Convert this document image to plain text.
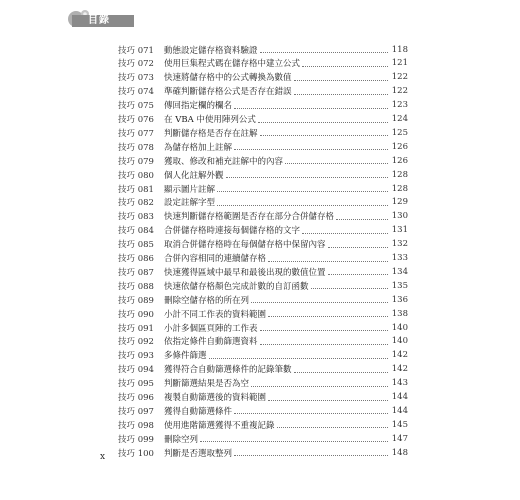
目錄
技巧 071	動態設定儲存格資料驗證	118
技巧 072	使用巨集程式碼在儲存格中建立公式	121
技巧 073	快速將儲存格中的公式轉換為數值	122
技巧 074	準確判斷儲存格公式是否存在錯誤	122
技巧 075	傳回指定欄的欄名	123
技巧 076	在 VBA 中使用陣列公式	124
技巧 077	判斷儲存格是否存在註解	125
技巧 078	為儲存格加上註解	126
技巧 079	獲取、修改和補充註解中的內容	126
技巧 080	個人化註解外觀	128
技巧 081	顯示圖片註解	128
技巧 082	設定註解字型	129
技巧 083	快速判斷儲存格範圍是否存在部分合併儲存格	130
技巧 084	合併儲存格時連接每個儲存格的文字	131
技巧 085	取消合併儲存格時在每個儲存格中保留內容	132
技巧 086	合併內容相同的連續儲存格	133
技巧 087	快速獲得區域中最早和最後出現的數值位置	134
技巧 088	快速依儲存格顏色完成計數的自訂函數	135
技巧 089	刪除空儲存格的所在列	136
技巧 090	小計不同工作表的資料範圍	138
技巧 091	小計多個區頁陣的工作表	140
技巧 092	依指定條件自動篩選資料	140
技巧 093	多條件篩選	142
技巧 094	獲得符合自動篩選條件的記錄筆數	142
技巧 095	判斷篩選結果是否為空	143
技巧 096	複製自動篩選後的資料範圍	144
技巧 097	獲得自動篩選條件	144
技巧 098	使用進階篩選獲得不重複記錄	145
技巧 099	刪除空列	147
技巧 100	判斷是否選取整列	148
x
